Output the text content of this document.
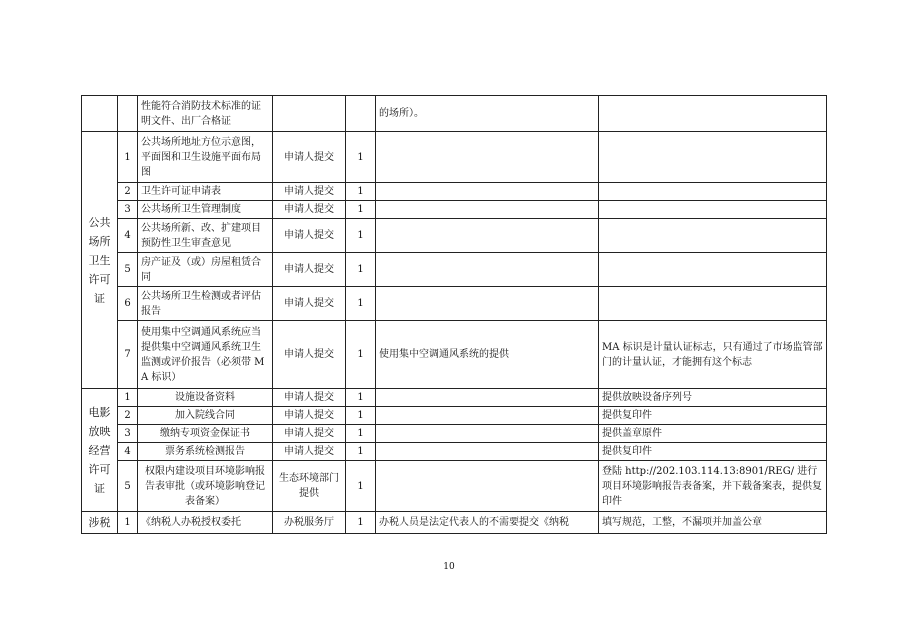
		性能符合消防技术标准的证明文件、出厂合格证			的场所）。	
公共场所卫生许可证	1	公共场所地址方位示意图，平面图和卫生设施平面布局图	申请人提交	1		
	2	卫生许可证申请表	申请人提交	1		
	3	公共场所卫生管理制度	申请人提交	1		
	4	公共场所新、改、扩建项目预防性卫生审查意见	申请人提交	1		
	5	房产证及（或）房屋租赁合同	申请人提交	1		
	6	公共场所卫生检测或者评估报告	申请人提交	1		
	7	使用集中空调通风系统应当提供集中空调通风系统卫生监测或评价报告（必须带 MA 标识）	申请人提交	1	使用集中空调通风系统的提供	MA 标识是计量认证标志，只有通过了市场监管部门的计量认证，才能拥有这个标志
电影放映经营许可证	1	设施设备资料	申请人提交	1		提供放映设备序列号
	2	加入院线合同	申请人提交	1		提供复印件
	3	缴纳专项资金保证书	申请人提交	1		提供盖章原件
	4	票务系统检测报告	申请人提交	1		提供复印件
	5	权限内建设项目环境影响报告表审批（或环境影响登记表备案）	生态环境部门提供	1		登陆 http://202.103.114.13:8901/REG/ 进行项目环境影响报告表备案，并下载备案表，提供复印件
涉税	1	《纳税人办税授权委托	办税服务厅	1	办税人员是法定代表人的不需要提交《纳税	填写规范，工整，不漏项并加盖公章
10
